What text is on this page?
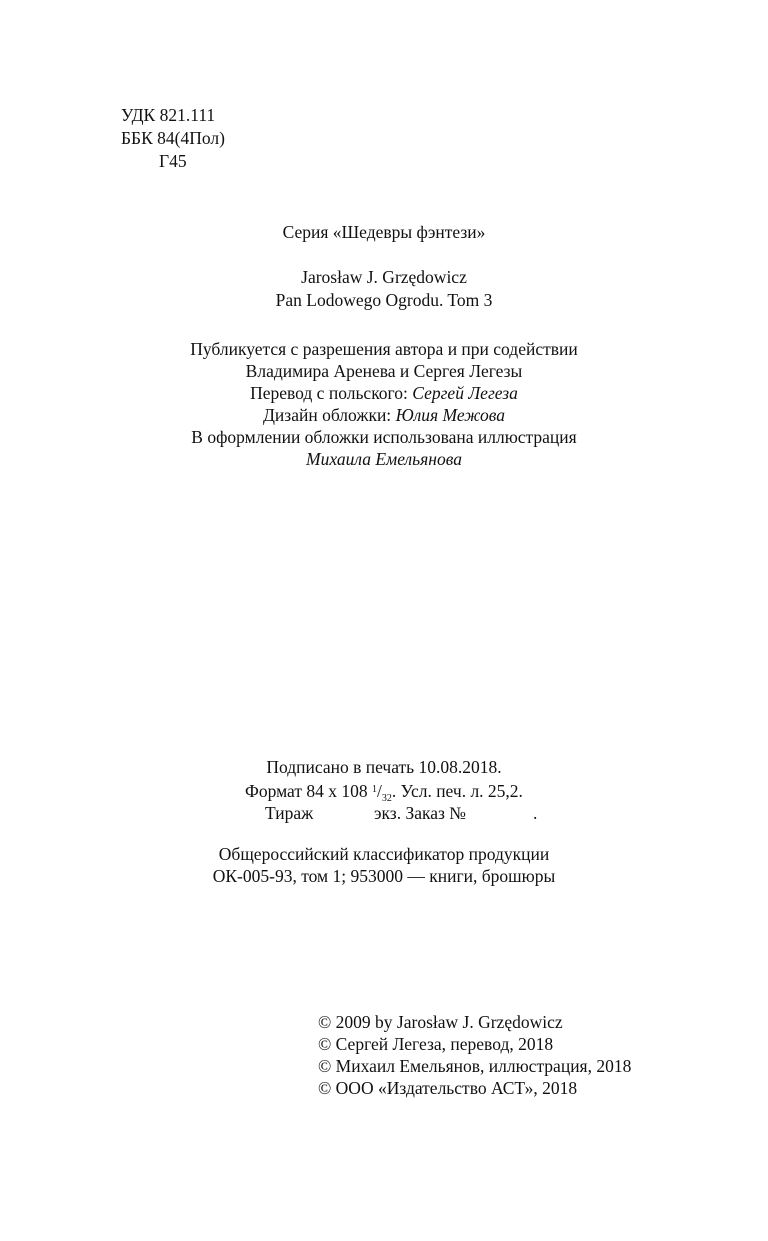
УДК 821.111
ББК 84(4Пол)
Г45
Серия «Шедевры фэнтези»
Jarosław J. Grzędowicz
Pan Lodowego Ogrodu. Tom 3
Публикуется с разрешения автора и при содействии
Владимира Аренева и Сергея Легезы
Перевод с польского: Сергей Легеза
Дизайн обложки: Юлия Межова
В оформлении обложки использована иллюстрация
Михаила Емельянова
Подписано в печать 10.08.2018.
Формат 84 х 108 $^1/_{32}$. Усл. печ. л. 25,2.
Тираж	экз. Заказ №	.
Общероссийский классификатор продукции
ОК-005-93, том 1; 953000 — книги, брошюры
© 2009 by Jarosław J. Grzędowicz
© Сергей Легеза, перевод, 2018
© Михаил Емельянов, иллюстрация, 2018
© ООО «Издательство АСТ», 2018
